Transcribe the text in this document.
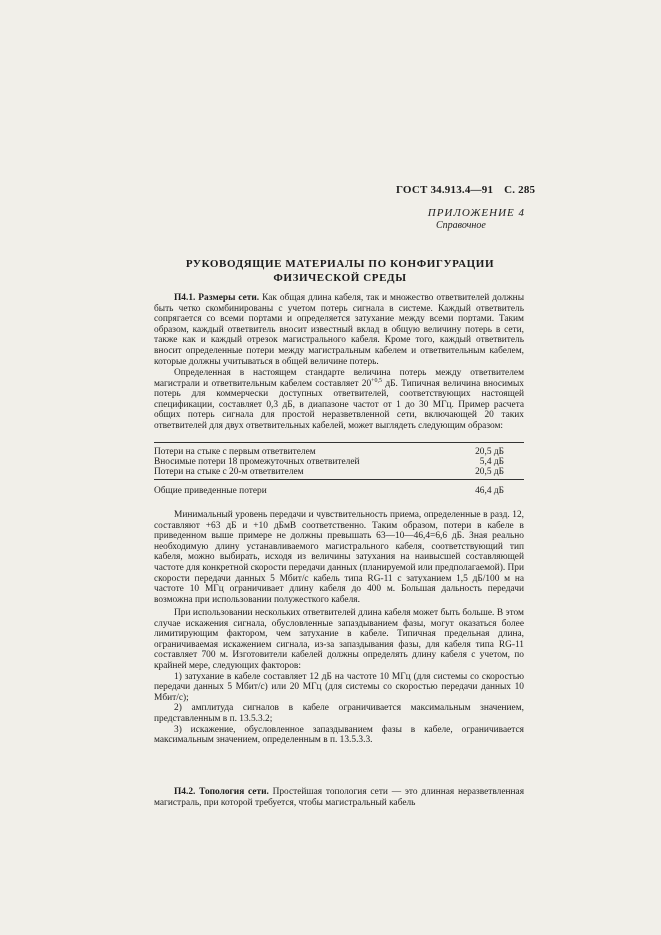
ГОСТ 34.913.4—91 С. 285
ПРИЛОЖЕНИЕ 4
Справочное
РУКОВОДЯЩИЕ МАТЕРИАЛЫ ПО КОНФИГУРАЦИИ
ФИЗИЧЕСКОЙ СРЕДЫ
П4.1. Размеры сети. Как общая длина кабеля, так и множество ответвителей должны быть четко скомбинированы с учетом потерь сигнала в системе. Каждый ответвитель сопрягается со всеми портами и определяется затухание между всеми портами. Таким образом, каждый ответвитель вносит известный вклад в общую величину потерь в сети, также как и каждый отрезок магистрального кабеля. Кроме того, каждый ответвитель вносит определенные потери между магистральным кабелем и ответвительным кабелем, которые должны учитываться в общей величине потерь.
Определенная в настоящем стандарте величина потерь между ответвителем магистрали и ответвительным кабелем составляет $20^{+0,5}$ дБ. Типичная величина вносимых потерь для коммерчески доступных ответвителей, соответствующих настоящей спецификации, составляет 0,3 дБ, в диапазоне частот от 1 до 30 МГц. Пример расчета общих потерь сигнала для простой неразветвленной сети, включающей 20 таких ответвителей для двух ответвительных кабелей, может выглядеть следующим образом:
Потери на стыке с первым ответвителем	20,5 дБ
Вносимые потери 18 промежуточных ответвителей	5,4 дБ
Потери на стыке с 20-м ответвителем	20,5 дБ
Общие приведенные потери	46,4 дБ
Минимальный уровень передачи и чувствительность приема, определенные в разд. 12, составляют +63 дБ и +10 дБмВ соответственно. Таким образом, потери в кабеле в приведенном выше примере не должны превышать 63—10—46,4=6,6 дБ. Зная реально необходимую длину устанавливаемого магистрального кабеля, соответствующий тип кабеля, можно выбирать, исходя из величины затухания на наивысшей составляющей частоте для конкретной скорости передачи данных (планируемой или предполагаемой). При скорости передачи данных 5 Мбит/с кабель типа RG-11 с затуханием 1,5 дБ/100 м на частоте 10 МГц ограничивает длину кабеля до 400 м. Большая дальность передачи возможна при использовании полужесткого кабеля.
При использовании нескольких ответвителей длина кабеля может быть больше. В этом случае искажения сигнала, обусловленные запаздыванием фазы, могут оказаться более лимитирующим фактором, чем затухание в кабеле. Типичная предельная длина, ограничиваемая искажением сигнала, из-за запаздывания фазы, для кабеля типа RG-11 составляет 700 м. Изготовители кабелей должны определять длину кабеля с учетом, по крайней мере, следующих факторов:
1) затухание в кабеле составляет 12 дБ на частоте 10 МГц (для системы со скоростью передачи данных 5 Мбит/с) или 20 МГц (для системы со скоростью передачи данных 10 Мбит/с);
2) амплитуда сигналов в кабеле ограничивается максимальным значением, представленным в п. 13.5.3.2;
3) искажение, обусловленное запаздыванием фазы в кабеле, ограничивается максимальным значением, определенным в п. 13.5.3.3.
П4.2. Топология сети. Простейшая топология сети — это длинная неразветвленная магистраль, при которой требуется, чтобы магистральный кабель
